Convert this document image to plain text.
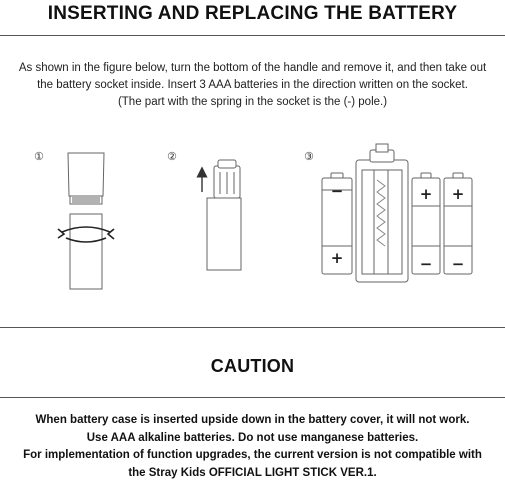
INSERTING AND REPLACING THE BATTERY
As shown in the figure below, turn the bottom of the handle and remove it, and then take out
the battery socket inside. Insert 3 AAA batteries in the direction written on the socket.
(The part with the spring in the socket is the (-) pole.)
①	②	③
−
+
+
−
+
−
CAUTION
When battery case is inserted upside down in the battery cover, it will not work.
Use AAA alkaline batteries. Do not use manganese batteries.
For implementation of function upgrades, the current version is not compatible with
the Stray Kids OFFICIAL LIGHT STICK VER.1.
